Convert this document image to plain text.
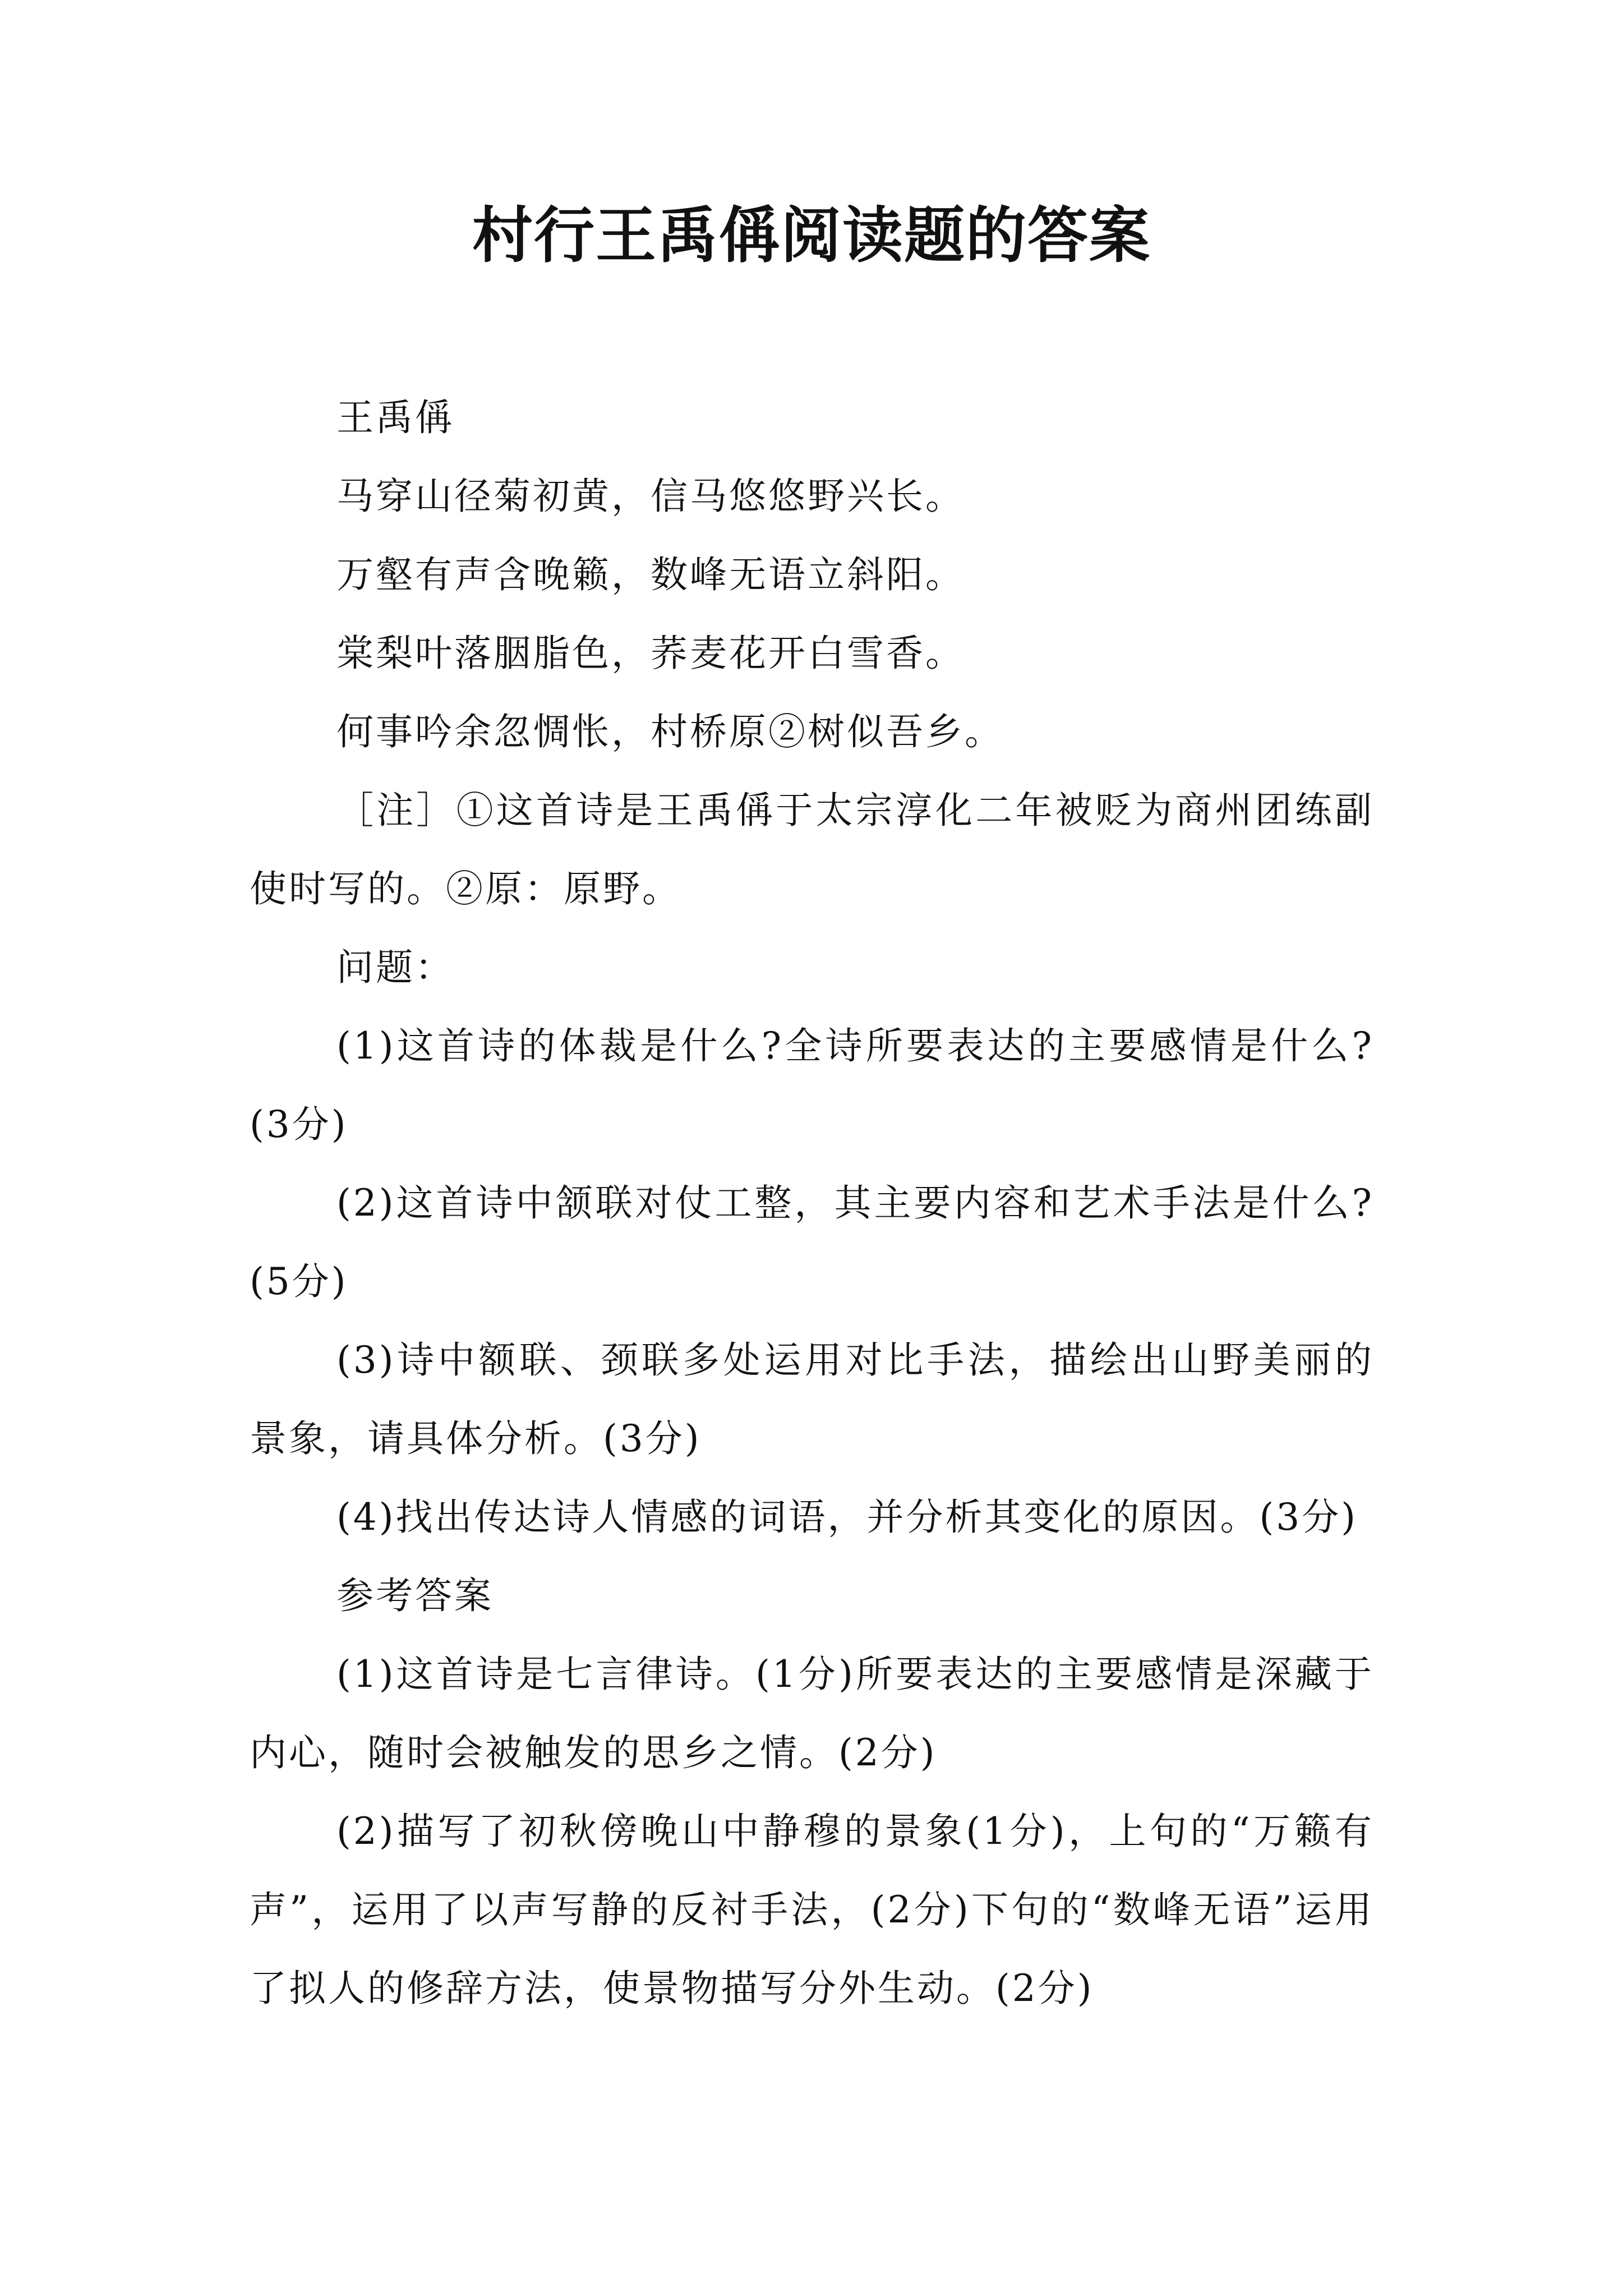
村行王禹偁阅读题的答案

王禹偁

马穿山径菊初黄，信马悠悠野兴长。

万壑有声含晚籁，数峰无语立斜阳。

棠梨叶落胭脂色，荞麦花开白雪香。

何事吟余忽惆怅，村桥原②树似吾乡。

［注］①这首诗是王禹偁于太宗淳化二年被贬为商州团练副使时写的。②原：原野。

问题：

(1)这首诗的体裁是什么?全诗所要表达的主要感情是什么?(3分)

(2)这首诗中颔联对仗工整，其主要内容和艺术手法是什么? (5分)

(3)诗中额联、颈联多处运用对比手法，描绘出山野美丽的景象，请具体分析。(3分)

(4)找出传达诗人情感的词语，并分析其变化的原因。(3分)

参考答案

(1)这首诗是七言律诗。(1分)所要表达的主要感情是深藏于内心，随时会被触发的思乡之情。(2分)

(2)描写了初秋傍晚山中静穆的景象(1分)，上句的“万籁有声”，运用了以声写静的反衬手法，(2分)下句的“数峰无语”运用了拟人的修辞方法，使景物描写分外生动。(2分)
